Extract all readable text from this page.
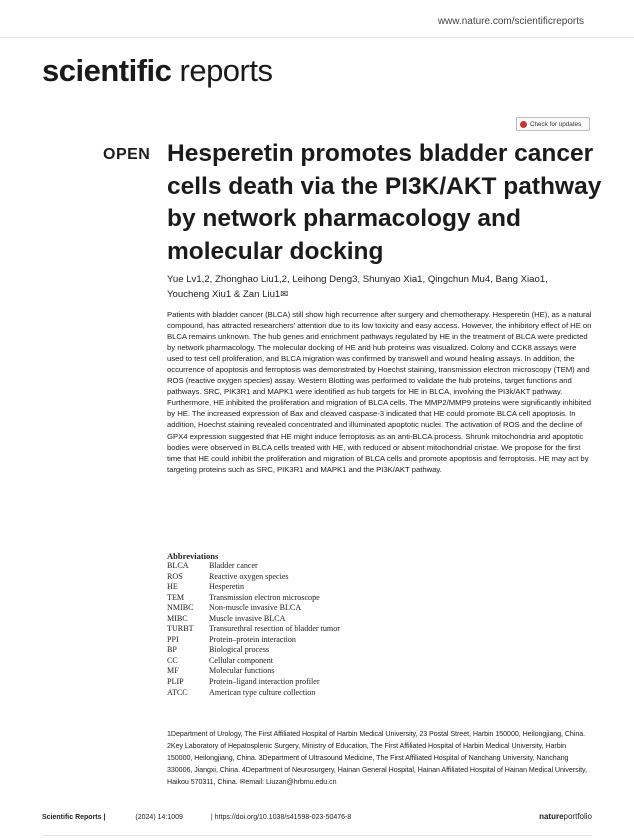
www.nature.com/scientificreports
scientific reports
Check for updates
OPEN Hesperetin promotes bladder cancer cells death via the PI3K/AKT pathway by network pharmacology and molecular docking
Yue Lv1,2, Zhonghao Liu1,2, Leihong Deng3, Shunyao Xia1, Qingchun Mu4, Bang Xiao1, Youcheng Xiu1 & Zan Liu1✉

Patients with bladder cancer (BLCA) still show high recurrence after surgery and chemotherapy. Hesperetin (HE), as a natural compound, has attracted researchers’ attention due to its low toxicity and easy access. However, the inhibitory effect of HE on BLCA remains unknown. The hub genes and enrichment pathways regulated by HE in the treatment of BLCA were predicted by network pharmacology. The molecular docking of HE and hub proteins was visualized. Colony and CCK8 assays were used to test cell proliferation, and BLCA migration was confirmed by transwell and wound healing assays. In addition, the occurrence of apoptosis and ferroptosis was demonstrated by Hoechst staining, transmission electron microscopy (TEM) and ROS (reactive oxygen species) assay. Western Blotting was performed to validate the hub proteins, target functions and pathways. SRC, PIK3R1 and MAPK1 were identified as hub targets for HE in BLCA, involving the PI3k/AKT pathway. Furthermore, HE inhibited the proliferation and migration of BLCA cells. The MMP2/MMP9 proteins were significantly inhibited by HE. The increased expression of Bax and cleaved caspase-3 indicated that HE could promote BLCA cell apoptosis. In addition, Hoechst staining revealed concentrated and illuminated apoptotic nuclei. The activation of ROS and the decline of GPX4 expression suggested that HE might induce ferroptosis as an anti-BLCA process. Shrunk mitochondria and apoptotic bodies were observed in BLCA cells treated with HE, with reduced or absent mitochondrial cristae. We propose for the first time that HE could inhibit the proliferation and migration of BLCA cells and promote apoptosis and ferroptosis. HE may act by targeting proteins such as SRC, PIK3R1 and MAPK1 and the PI3K/AKT pathway.

Abbreviations
BLCA	Bladder cancer
ROS	Reactive oxygen species
HE	Hesperetin
TEM	Transmission electron microscope
NMIBC	Non-muscle invasive BLCA
MIBC	Muscle invasive BLCA
TURBT	Transurethral resection of bladder tumor
PPI	Protein–protein interaction
BP	Biological process
CC	Cellular component
MF	Molecular functions
PLIP	Protein–ligand interaction profiler
ATCC	American type culture collection

1Department of Urology, The First Affiliated Hospital of Harbin Medical University, 23 Postal Street, Harbin 150000, Heilongjiang, China. 2Key Laboratory of Hepatosplenic Surgery, Ministry of Education, The First Affiliated Hospital of Harbin Medical University, Harbin 150000, Heilongjiang, China. 3Department of Ultrasound Medicine, The First Affiliated Hospital of Nanchang University, Nanchang 330006, Jiangxi, China. 4Department of Neurosurgery, Hainan General Hospital, Hainan Affiliated Hospital of Hainan Medical University, Haikou 570311, China. ✉email: Liuzan@hrbmu.edu.cn

Scientific Reports |	(2024) 14:1009	| https://doi.org/10.1038/s41598-023-50476-8	natureportfolio
